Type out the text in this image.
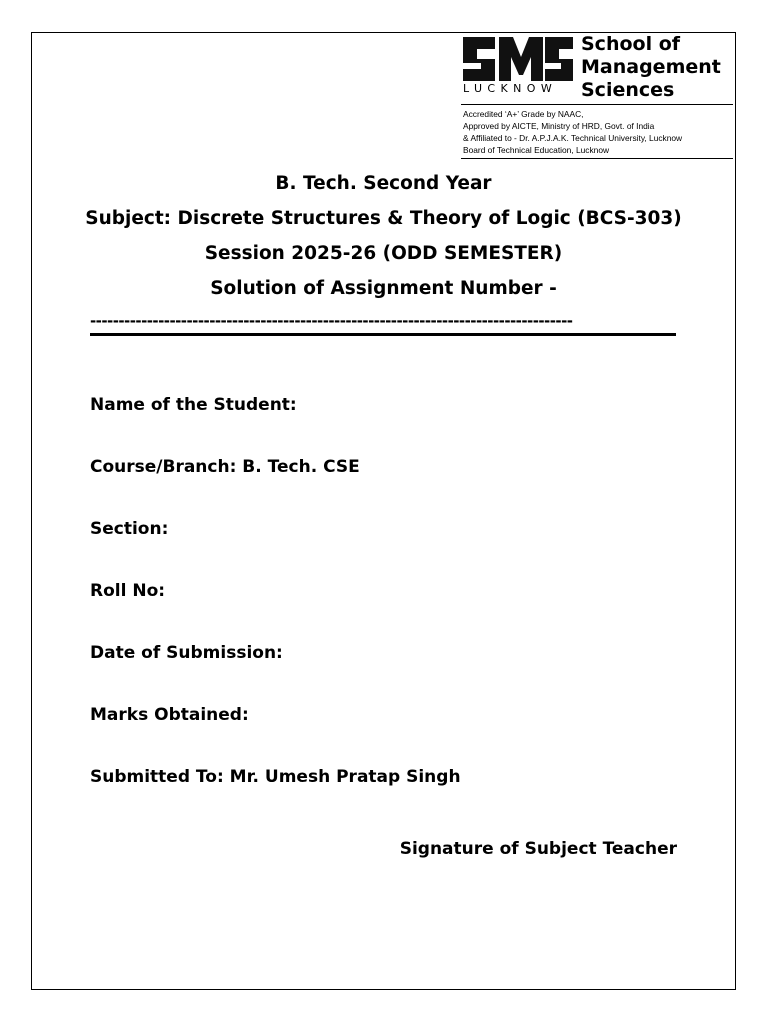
LUCKNOW
School of
Management
Sciences
Accredited ‘A+’ Grade by NAAC,
Approved by AICTE, Ministry of HRD, Govt. of India
& Affiliated to - Dr. A.P.J.A.K. Technical University, Lucknow
Board of Technical Education, Lucknow
B. Tech. Second Year
Subject: Discrete Structures & Theory of Logic (BCS-303)
Session 2025-26 (ODD SEMESTER)
Solution of Assignment Number -
-------------------------------------------------------------------------------------
Name of the Student:
Course/Branch: B. Tech. CSE
Section:
Roll No:
Date of Submission:
Marks Obtained:
Submitted To: Mr. Umesh Pratap Singh
Signature of Subject Teacher
